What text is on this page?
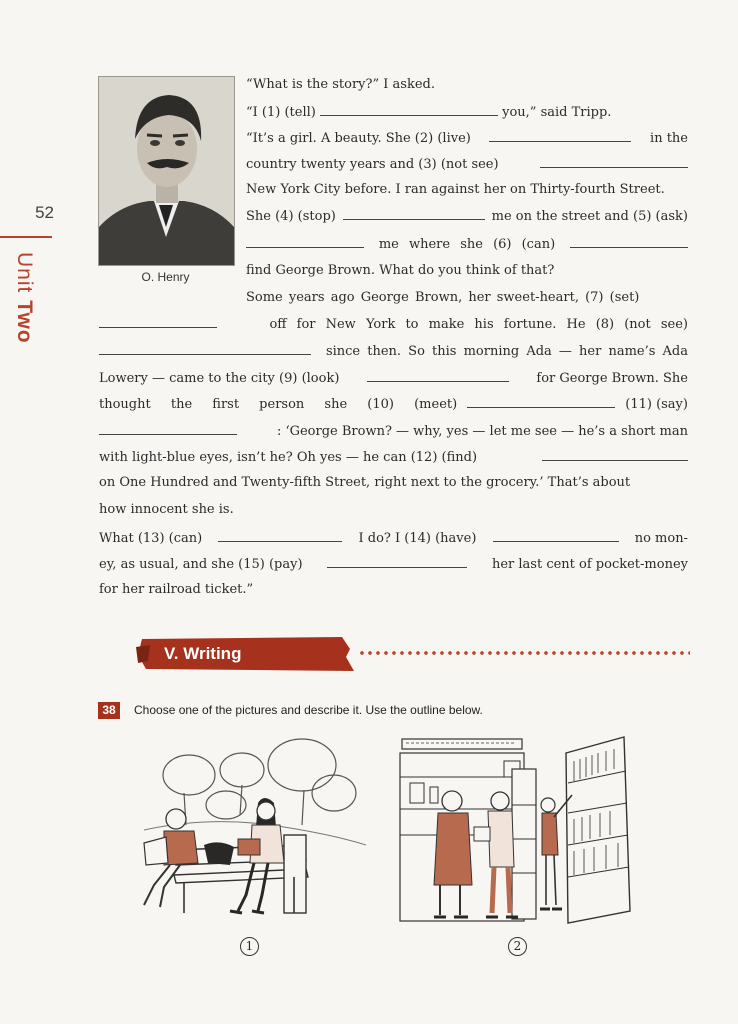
52
Unit Two
O. Henry
“What is the story?” I asked.
“I (1) (tell)	you,” said Tripp.
“It’s a girl. A beauty. She (2) (live)	in the
country twenty years and (3) (not see)
New York City before. I ran against her on Thirty-fourth Street.
She (4) (stop)	me on the street and (5) (ask)
me where she (6) (can)
find George Brown. What do you think of that?
Some years ago George Brown, her sweet-heart, (7) (set)
off for New York to make his fortune. He (8) (not see)
since then. So this morning Ada — her name’s Ada
Lowery — came to the city (9) (look)	for George Brown. She
thought the first person she (10) (meet)	(11) (say)
: ‘George Brown? — why, yes — let me see — he’s a short man
with light-blue eyes, isn’t he? Oh yes — he can (12) (find)
on One Hundred and Twenty-fifth Street, right next to the grocery.’ That’s about
how innocent she is.
What (13) (can)	I do? I (14) (have)	no mon-
ey, as usual, and she (15) (pay)	her last cent of pocket-money
for her railroad ticket.”
V. Writing
38	Choose one of the pictures and describe it. Use the outline below.
1	2
